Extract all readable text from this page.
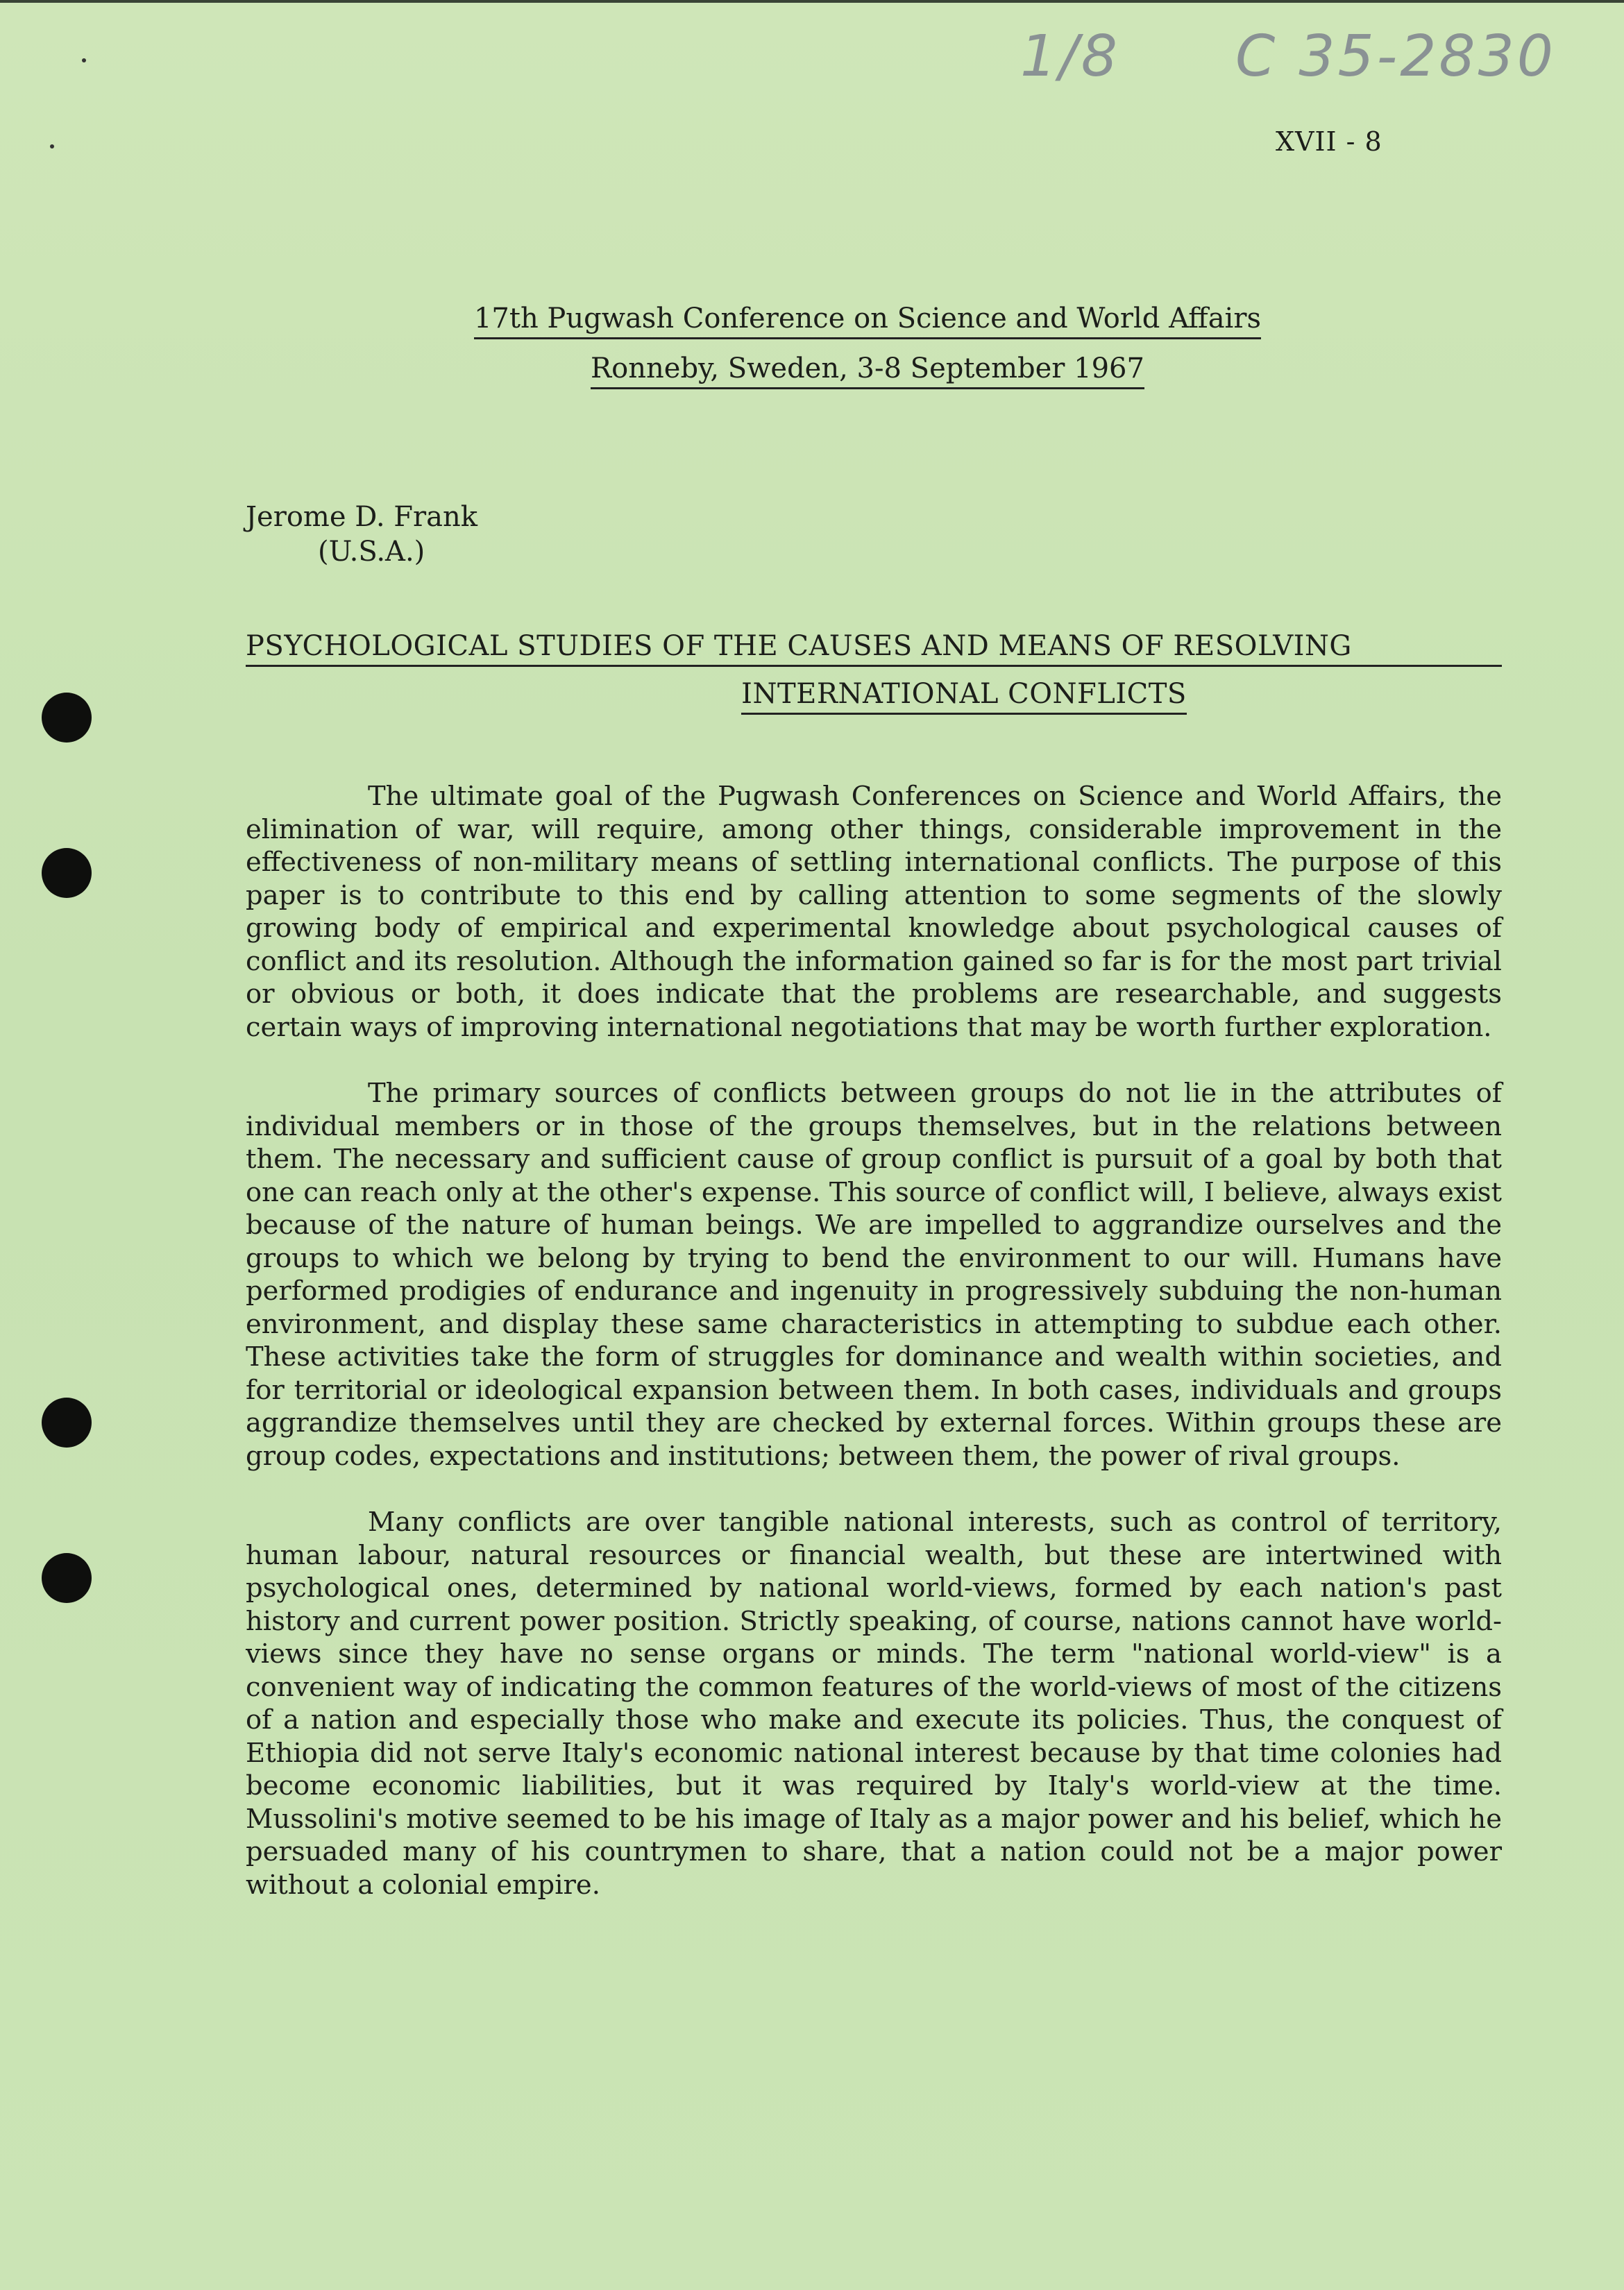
1/8 C 35-2830
XVII - 8
17th Pugwash Conference on Science and World Affairs
Ronneby, Sweden, 3-8 September 1967
Jerome D. Frank
(U.S.A.)
PSYCHOLOGICAL STUDIES OF THE CAUSES AND MEANS OF RESOLVING
INTERNATIONAL CONFLICTS

The ultimate goal of the Pugwash Conferences on Science and World Affairs, the elimination of war, will require, among other things, considerable improvement in the effectiveness of non-military means of settling international conflicts. The purpose of this paper is to contribute to this end by calling attention to some segments of the slowly growing body of empirical and experimental knowledge about psychological causes of conflict and its resolution. Although the information gained so far is for the most part trivial or obvious or both, it does indicate that the problems are researchable, and suggests certain ways of improving international negotiations that may be worth further exploration.

The primary sources of conflicts between groups do not lie in the attributes of individual members or in those of the groups themselves, but in the relations between them. The necessary and sufficient cause of group conflict is pursuit of a goal by both that one can reach only at the other's expense. This source of conflict will, I believe, always exist because of the nature of human beings. We are impelled to aggrandize ourselves and the groups to which we belong by trying to bend the environment to our will. Humans have performed prodigies of endurance and ingenuity in progressively subduing the non-human environment, and display these same characteristics in attempting to subdue each other. These activities take the form of struggles for dominance and wealth within societies, and for territorial or ideological expansion between them. In both cases, individuals and groups aggrandize themselves until they are checked by external forces. Within groups these are group codes, expectations and institutions; between them, the power of rival groups.

Many conflicts are over tangible national interests, such as control of territory, human labour, natural resources or financial wealth, but these are intertwined with psychological ones, determined by national world-views, formed by each nation's past history and current power position. Strictly speaking, of course, nations cannot have world-views since they have no sense organs or minds. The term "national world-view" is a convenient way of indicating the common features of the world-views of most of the citizens of a nation and especially those who make and execute its policies. Thus, the conquest of Ethiopia did not serve Italy's economic national interest because by that time colonies had become economic liabilities, but it was required by Italy's world-view at the time. Mussolini's motive seemed to be his image of Italy as a major power and his belief, which he persuaded many of his countrymen to share, that a nation could not be a major power without a colonial empire.
